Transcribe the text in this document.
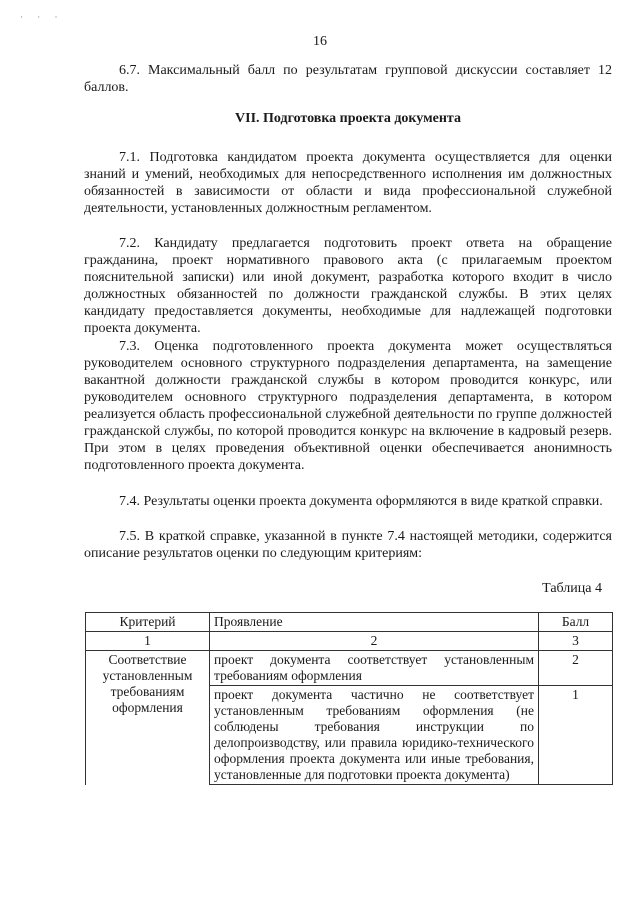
· · ·
16

6.7. Максимальный балл по результатам групповой дискуссии составляет 12 баллов.

VII. Подготовка проекта документа

7.1. Подготовка кандидатом проекта документа осуществляется для оценки знаний и умений, необходимых для непосредственного исполнения им должностных обязанностей в зависимости от области и вида профессиональной служебной деятельности, установленных должностным регламентом.

7.2. Кандидату предлагается подготовить проект ответа на обращение гражданина, проект нормативного правового акта (с прилагаемым проектом пояснительной записки) или иной документ, разработка которого входит в число должностных обязанностей по должности гражданской службы. В этих целях кандидату предоставляется документы, необходимые для надлежащей подготовки проекта документа.

7.3. Оценка подготовленного проекта документа может осуществляться руководителем основного структурного подразделения департамента, на замещение вакантной должности гражданской службы в котором проводится конкурс, или руководителем основного структурного подразделения департамента, в котором реализуется область профессиональной служебной деятельности по группе должностей гражданской службы, по которой проводится конкурс на включение в кадровый резерв. При этом в целях проведения объективной оценки обеспечивается анонимность подготовленного проекта документа.

7.4. Результаты оценки проекта документа оформляются в виде краткой справки.

7.5. В краткой справке, указанной в пункте 7.4 настоящей методики, содержится описание результатов оценки по следующим критериям:

Таблица 4
Критерий	Проявление	Балл
1	2	3
Соответствие установленным требованиям оформления	проект документа соответствует установленным требованиям оформления	2
	проект документа частично не соответствует установленным требованиям оформления (не соблюдены требования инструкции по делопроизводству, или правила юридико-технического оформления проекта документа или иные требования, установленные для подготовки проекта документа)	1
